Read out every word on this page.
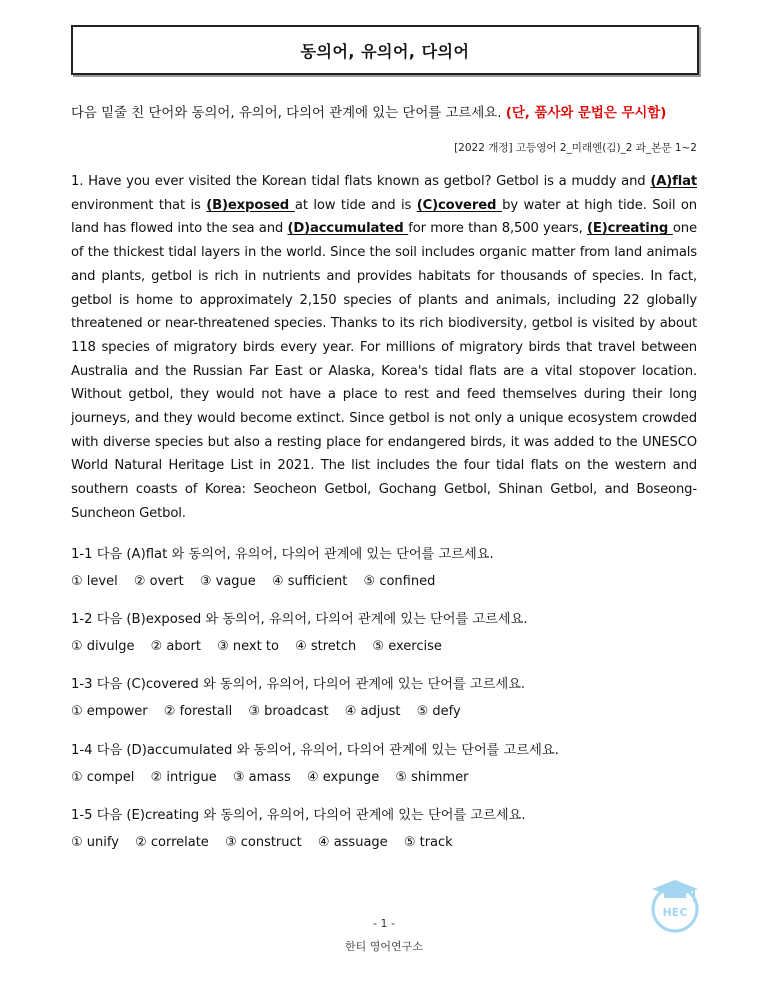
동의어, 유의어, 다의어
다음 밑줄 친 단어와 동의어, 유의어, 다의어 관계에 있는 단어를 고르세요. (단, 품사와 문법은 무시함)
[2022 개정] 고등영어 2_미래엔(김)_2 과_본문 1~2
1. Have you ever visited the Korean tidal flats known as getbol? Getbol is a muddy and (A)flat environment that is (B)exposed at low tide and is (C)covered by water at high tide. Soil on land has flowed into the sea and (D)accumulated for more than 8,500 years, (E)creating one of the thickest tidal layers in the world. Since the soil includes organic matter from land animals and plants, getbol is rich in nutrients and provides habitats for thousands of species. In fact, getbol is home to approximately 2,150 species of plants and animals, including 22 globally threatened or near-threatened species. Thanks to its rich biodiversity, getbol is visited by about 118 species of migratory birds every year. For millions of migratory birds that travel between Australia and the Russian Far East or Alaska, Korea's tidal flats are a vital stopover location. Without getbol, they would not have a place to rest and feed themselves during their long journeys, and they would become extinct. Since getbol is not only a unique ecosystem crowded with diverse species but also a resting place for endangered birds, it was added to the UNESCO World Natural Heritage List in 2021. The list includes the four tidal flats on the western and southern coasts of Korea: Seocheon Getbol, Gochang Getbol, Shinan Getbol, and Boseong-Suncheon Getbol.
1-1 다음 (A)flat 와 동의어, 유의어, 다의어 관계에 있는 단어를 고르세요.
① level ② overt ③ vague ④ sufficient ⑤ confined
1-2 다음 (B)exposed 와 동의어, 유의어, 다의어 관계에 있는 단어를 고르세요.
① divulge ② abort ③ next to ④ stretch ⑤ exercise
1-3 다음 (C)covered 와 동의어, 유의어, 다의어 관계에 있는 단어를 고르세요.
① empower ② forestall ③ broadcast ④ adjust ⑤ defy
1-4 다음 (D)accumulated 와 동의어, 유의어, 다의어 관계에 있는 단어를 고르세요.
① compel ② intrigue ③ amass ④ expunge ⑤ shimmer
1-5 다음 (E)creating 와 동의어, 유의어, 다의어 관계에 있는 단어를 고르세요.
① unify ② correlate ③ construct ④ assuage ⑤ track
- 1 -
한티 영어연구소
HEC
